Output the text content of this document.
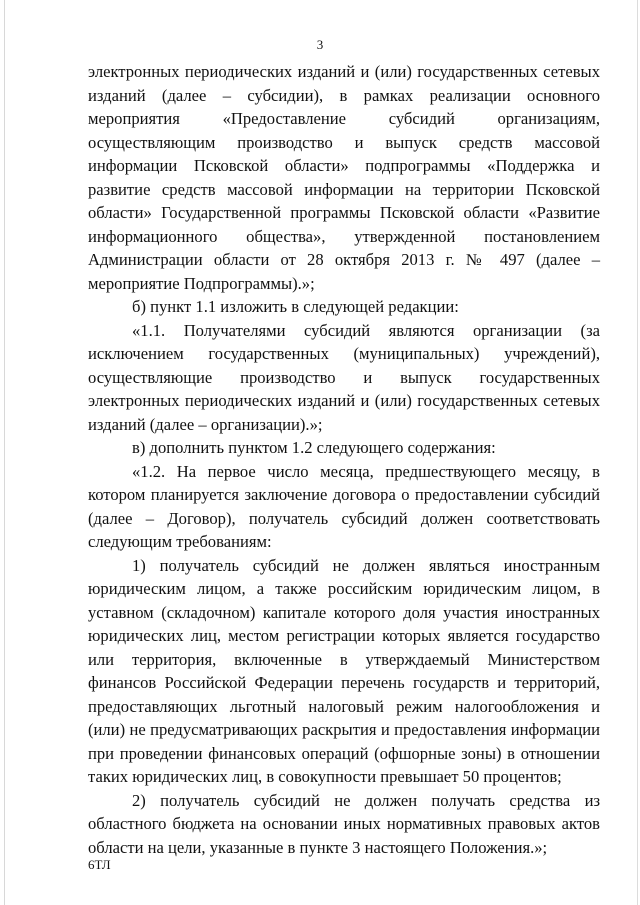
3

электронных периодических изданий и (или) государственных сетевых изданий (далее – субсидии), в рамках реализации основного мероприятия «Предоставление субсидий организациям, осуществляющим производство и выпуск средств массовой информации Псковской области» подпрограммы «Поддержка и развитие средств массовой информации на территории Псковской области» Государственной программы Псковской области «Развитие информационного общества», утвержденной постановлением Администрации области от 28 октября 2013 г. № 497 (далее – мероприятие Подпрограммы).»;

б) пункт 1.1 изложить в следующей редакции:

«1.1. Получателями субсидий являются организации (за исключением государственных (муниципальных) учреждений), осуществляющие производство и выпуск государственных электронных периодических изданий и (или) государственных сетевых изданий (далее – организации).»;

в) дополнить пунктом 1.2 следующего содержания:

«1.2. На первое число месяца, предшествующего месяцу, в котором планируется заключение договора о предоставлении субсидий (далее – Договор), получатель субсидий должен соответствовать следующим требованиям:

1) получатель субсидий не должен являться иностранным юридическим лицом, а также российским юридическим лицом, в уставном (складочном) капитале которого доля участия иностранных юридических лиц, местом регистрации которых является государство или территория, включенные в утверждаемый Министерством финансов Российской Федерации перечень государств и территорий, предоставляющих льготный налоговый режим налогообложения и (или) не предусматривающих раскрытия и предоставления информации при проведении финансовых операций (офшорные зоны) в отношении таких юридических лиц, в совокупности превышает 50 процентов;

2) получатель субсидий не должен получать средства из областного бюджета на основании иных нормативных правовых актов области на цели, указанные в пункте 3 настоящего Положения.»;

6ТЛ
